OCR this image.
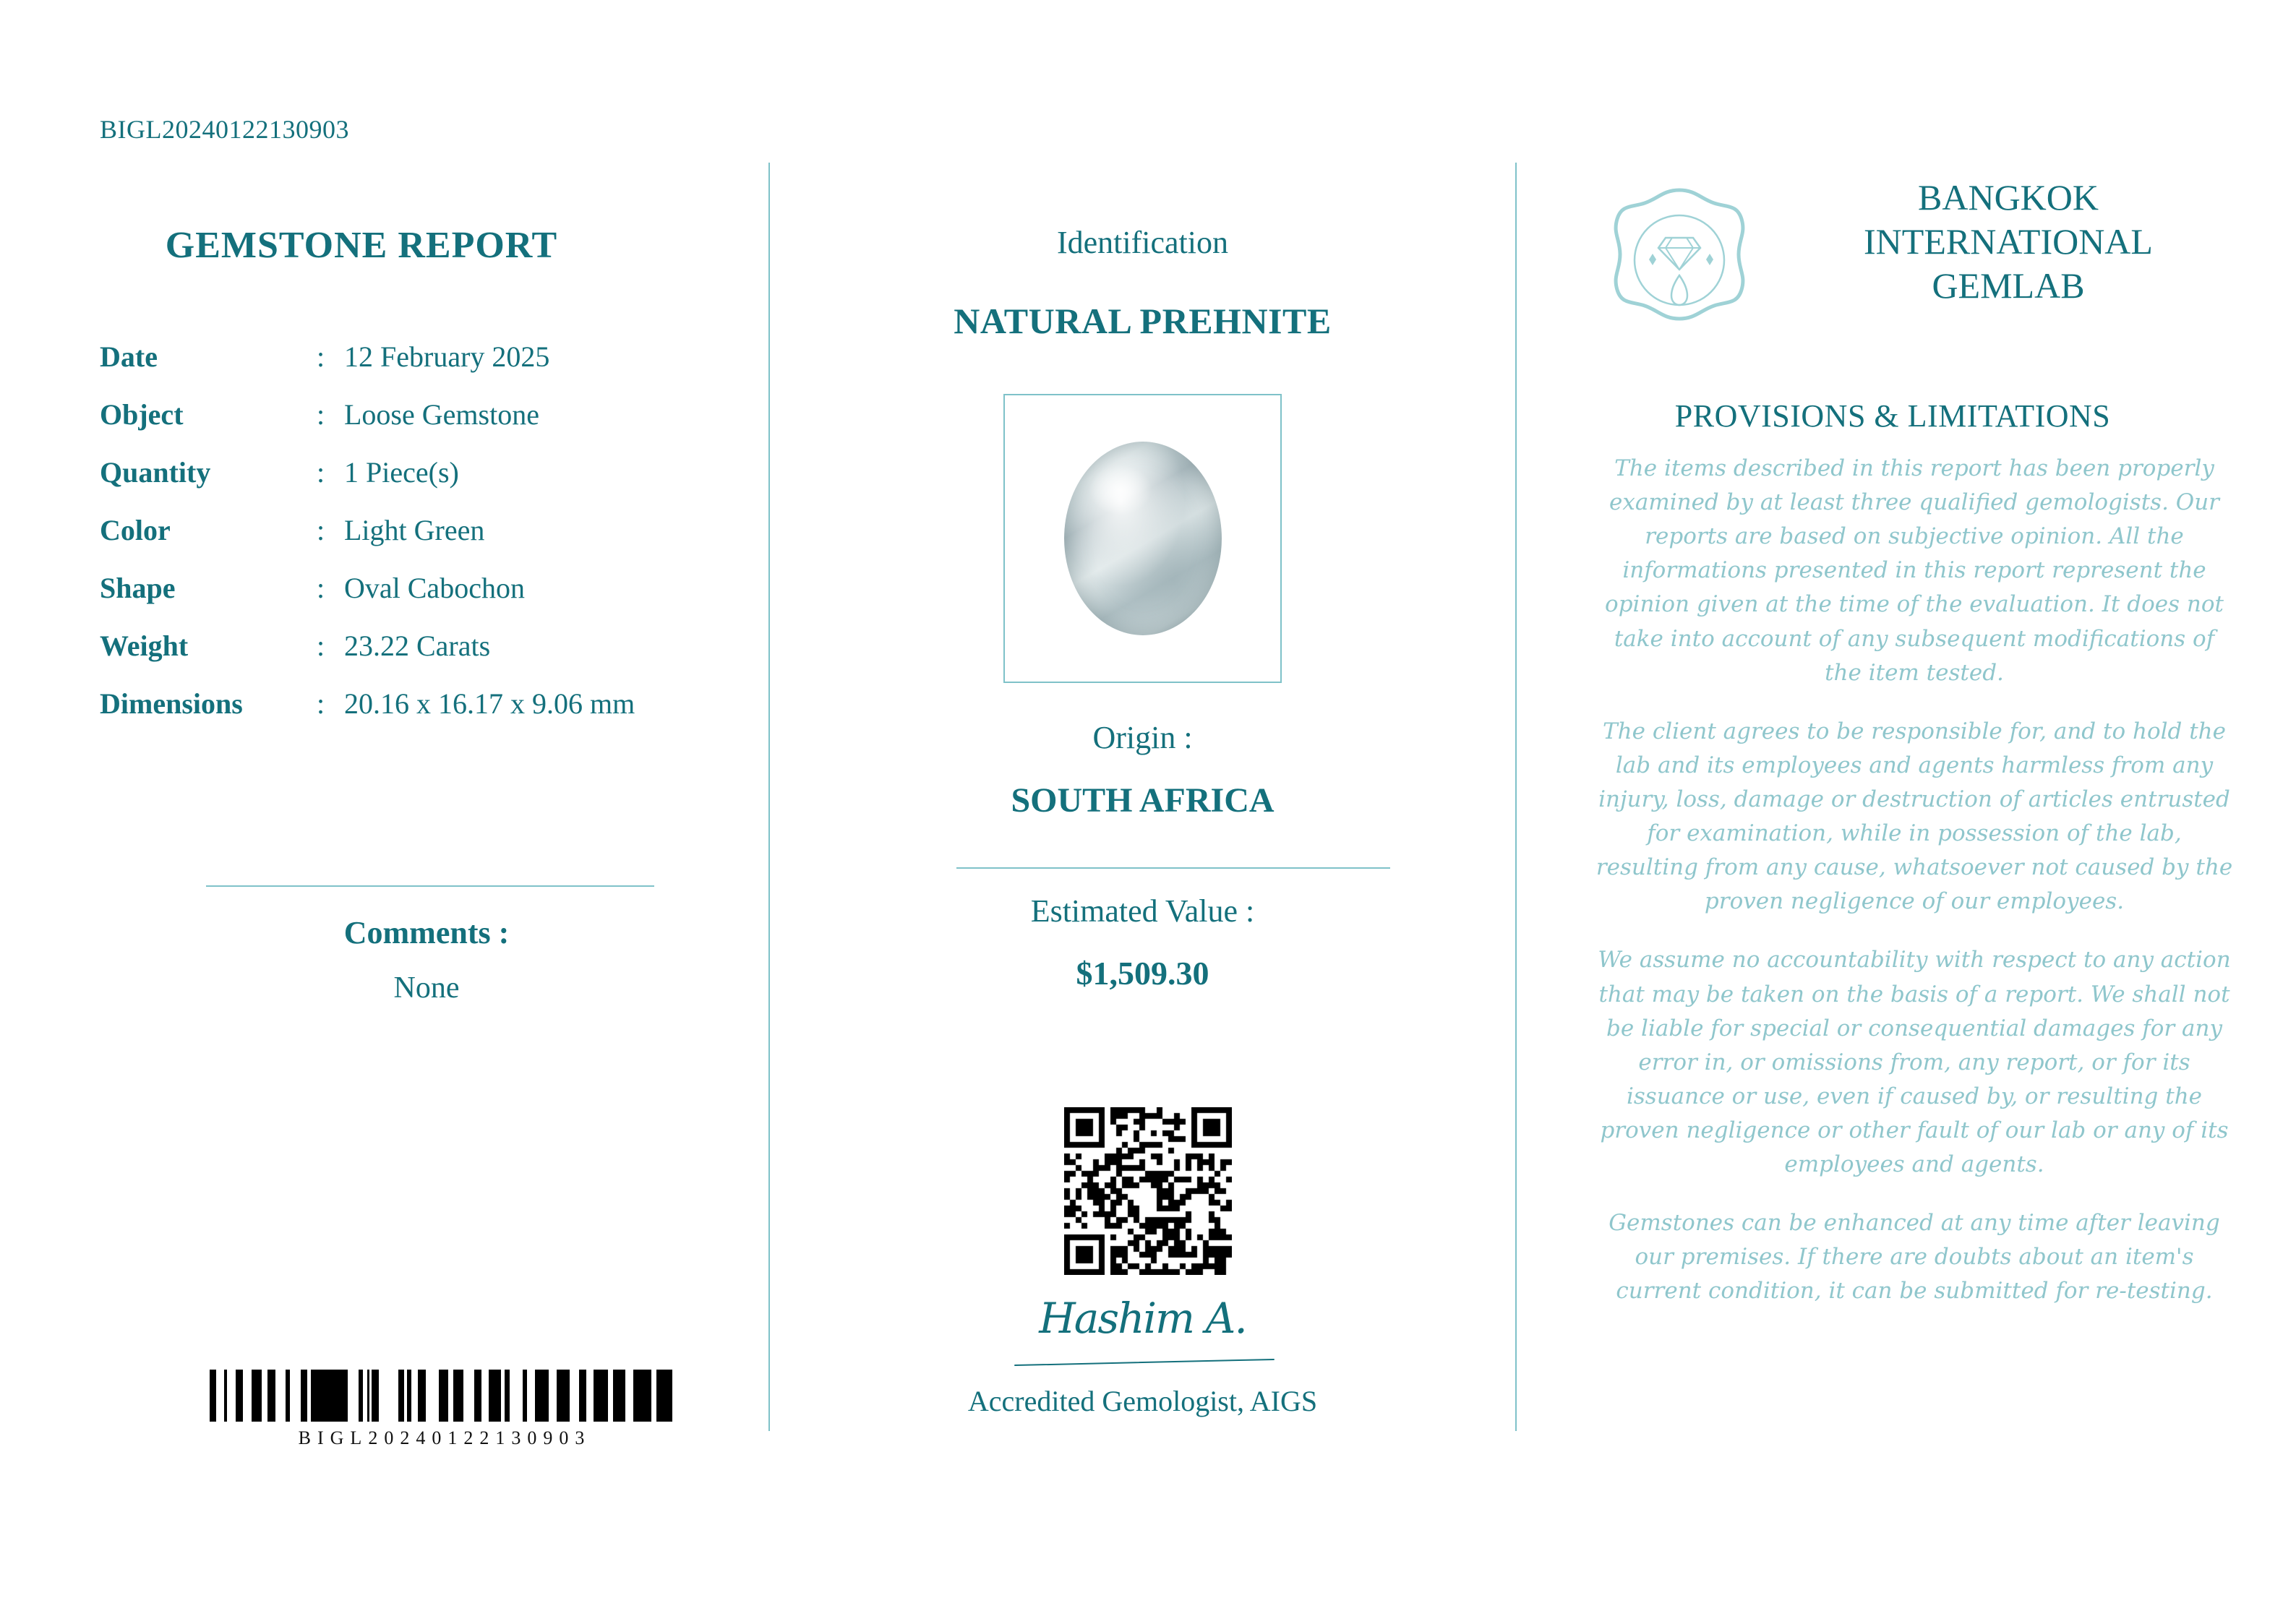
BIGL20240122130903
GEMSTONE REPORT
Date	: 12 February 2025
Object	: Loose Gemstone
Quantity	: 1 Piece(s)
Color	: Light Green
Shape	: Oval Cabochon
Weight	: 23.22 Carats
Dimensions	: 20.16 x 16.17 x 9.06 mm
Comments :
None
Identification
NATURAL PREHNITE
Origin :
SOUTH AFRICA
Estimated Value :
$1,509.30
BANGKOK
INTERNATIONAL
GEMLAB
PROVISIONS & LIMITATIONS

The items described in this report has been properly examined by at least three qualified gemologists. Our reports are based on subjective opinion. All the informations presented in this report represent the opinion given at the time of the evaluation. It does not take into account of any subsequent modifications of the item tested.

The client agrees to be responsible for, and to hold the lab and its employees and agents harmless from any injury, loss, damage or destruction of articles entrusted for examination, while in possession of the lab, resulting from any cause, whatsoever not caused by the proven negligence of our employees.

We assume no accountability with respect to any action that may be taken on the basis of a report. We shall not be liable for special or consequential damages for any error in, or omissions from, any report, or for its issuance or use, even if caused by, or resulting the proven negligence or other fault of our lab or any of its employees and agents.

Gemstones can be enhanced at any time after leaving our premises. If there are doubts about an item's current condition, it can be submitted for re-testing.

Hashim A.
Accredited Gemologist, AIGS
BIGL20240122130903
